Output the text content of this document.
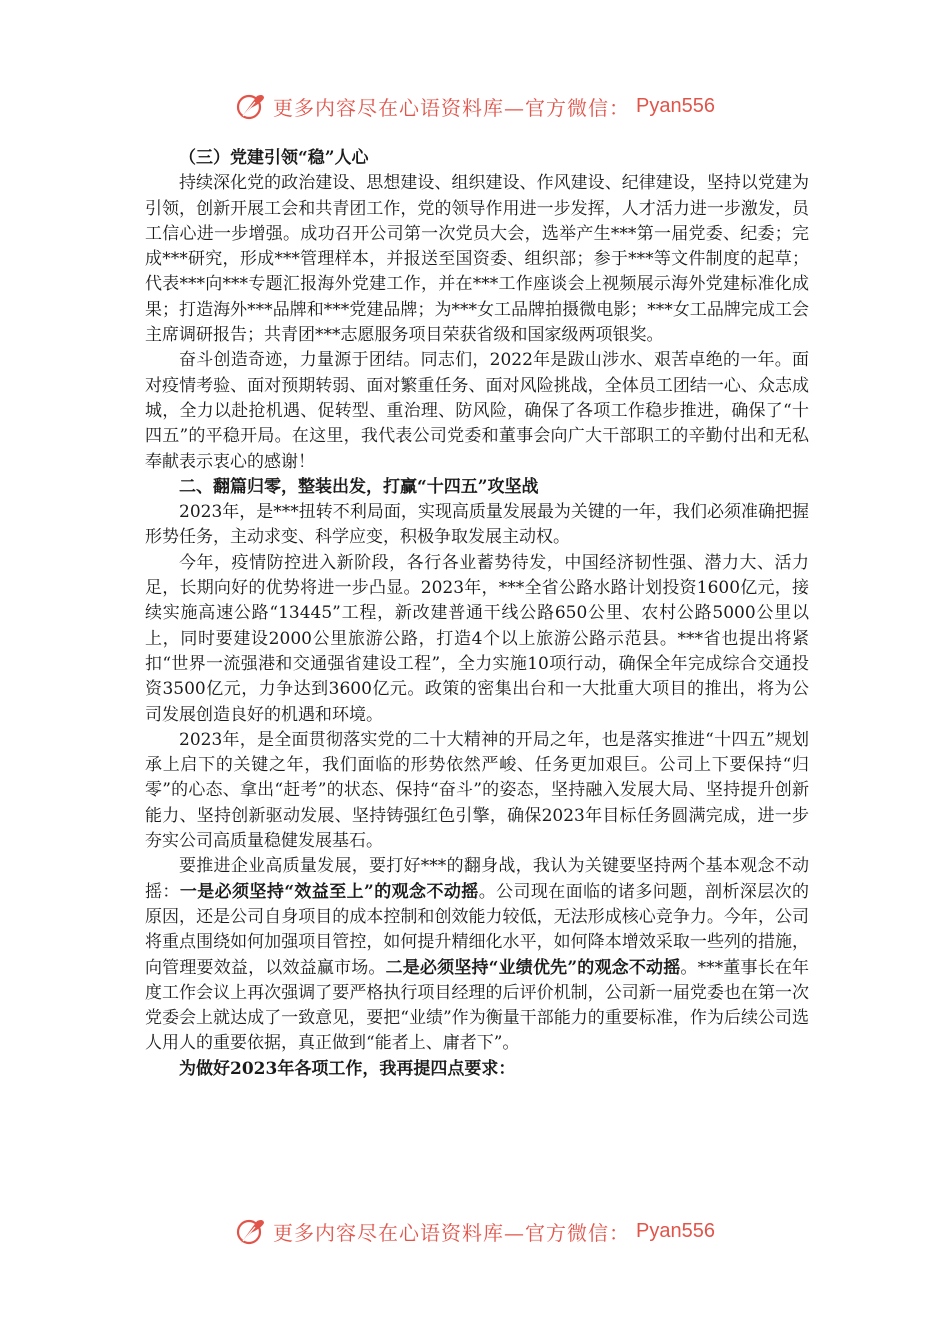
更多内容尽在心语资料库—官方微信： Pyan556

（三）党建引领“稳”人心

持续深化党的政治建设、思想建设、组织建设、作风建设、纪律建设，坚持以党建为引领，创新开展工会和共青团工作，党的领导作用进一步发挥，人才活力进一步激发，员工信心进一步增强。成功召开公司第一次党员大会，选举产生***第一届党委、纪委；完成***研究，形成***管理样本，并报送至国资委、组织部；参于***等文件制度的起草；代表***向***专题汇报海外党建工作，并在***工作座谈会上视频展示海外党建标准化成果；打造海外***品牌和***党建品牌；为***女工品牌拍摄微电影；***女工品牌完成工会主席调研报告；共青团***志愿服务项目荣获省级和国家级两项银奖。

奋斗创造奇迹，力量源于团结。同志们，2022年是跋山涉水、艰苦卓绝的一年。面对疫情考验、面对预期转弱、面对繁重任务、面对风险挑战，全体员工团结一心、众志成城，全力以赴抢机遇、促转型、重治理、防风险，确保了各项工作稳步推进，确保了“十四五”的平稳开局。在这里，我代表公司党委和董事会向广大干部职工的辛勤付出和无私奉献表示衷心的感谢！

二、翻篇归零，整装出发，打赢“十四五”攻坚战

2023年，是***扭转不利局面，实现高质量发展最为关键的一年，我们必须准确把握形势任务，主动求变、科学应变，积极争取发展主动权。

今年，疫情防控进入新阶段，各行各业蓄势待发，中国经济韧性强、潜力大、活力足，长期向好的优势将进一步凸显。2023年，***全省公路水路计划投资1600亿元，接续实施高速公路“13445”工程，新改建普通干线公路650公里、农村公路5000公里以上，同时要建设2000公里旅游公路，打造4个以上旅游公路示范县。***省也提出将紧扣“世界一流强港和交通强省建设工程”，全力实施10项行动，确保全年完成综合交通投资3500亿元，力争达到3600亿元。政策的密集出台和一大批重大项目的推出，将为公司发展创造良好的机遇和环境。

2023年，是全面贯彻落实党的二十大精神的开局之年，也是落实推进“十四五”规划承上启下的关键之年，我们面临的形势依然严峻、任务更加艰巨。公司上下要保持“归零”的心态、拿出“赶考”的状态、保持“奋斗”的姿态，坚持融入发展大局、坚持提升创新能力、坚持创新驱动发展、坚持铸强红色引擎，确保2023年目标任务圆满完成，进一步夯实公司高质量稳健发展基石。

要推进企业高质量发展，要打好***的翻身战，我认为关键要坚持两个基本观念不动摇：一是必须坚持“效益至上”的观念不动摇。公司现在面临的诸多问题，剖析深层次的原因，还是公司自身项目的成本控制和创效能力较低，无法形成核心竞争力。今年，公司将重点围绕如何加强项目管控，如何提升精细化水平，如何降本增效采取一些列的措施，向管理要效益，以效益赢市场。二是必须坚持“业绩优先”的观念不动摇。***董事长在年度工作会议上再次强调了要严格执行项目经理的后评价机制，公司新一届党委也在第一次党委会上就达成了一致意见，要把“业绩”作为衡量干部能力的重要标准，作为后续公司选人用人的重要依据，真正做到“能者上、庸者下”。

为做好2023年各项工作，我再提四点要求：

更多内容尽在心语资料库—官方微信： Pyan556
